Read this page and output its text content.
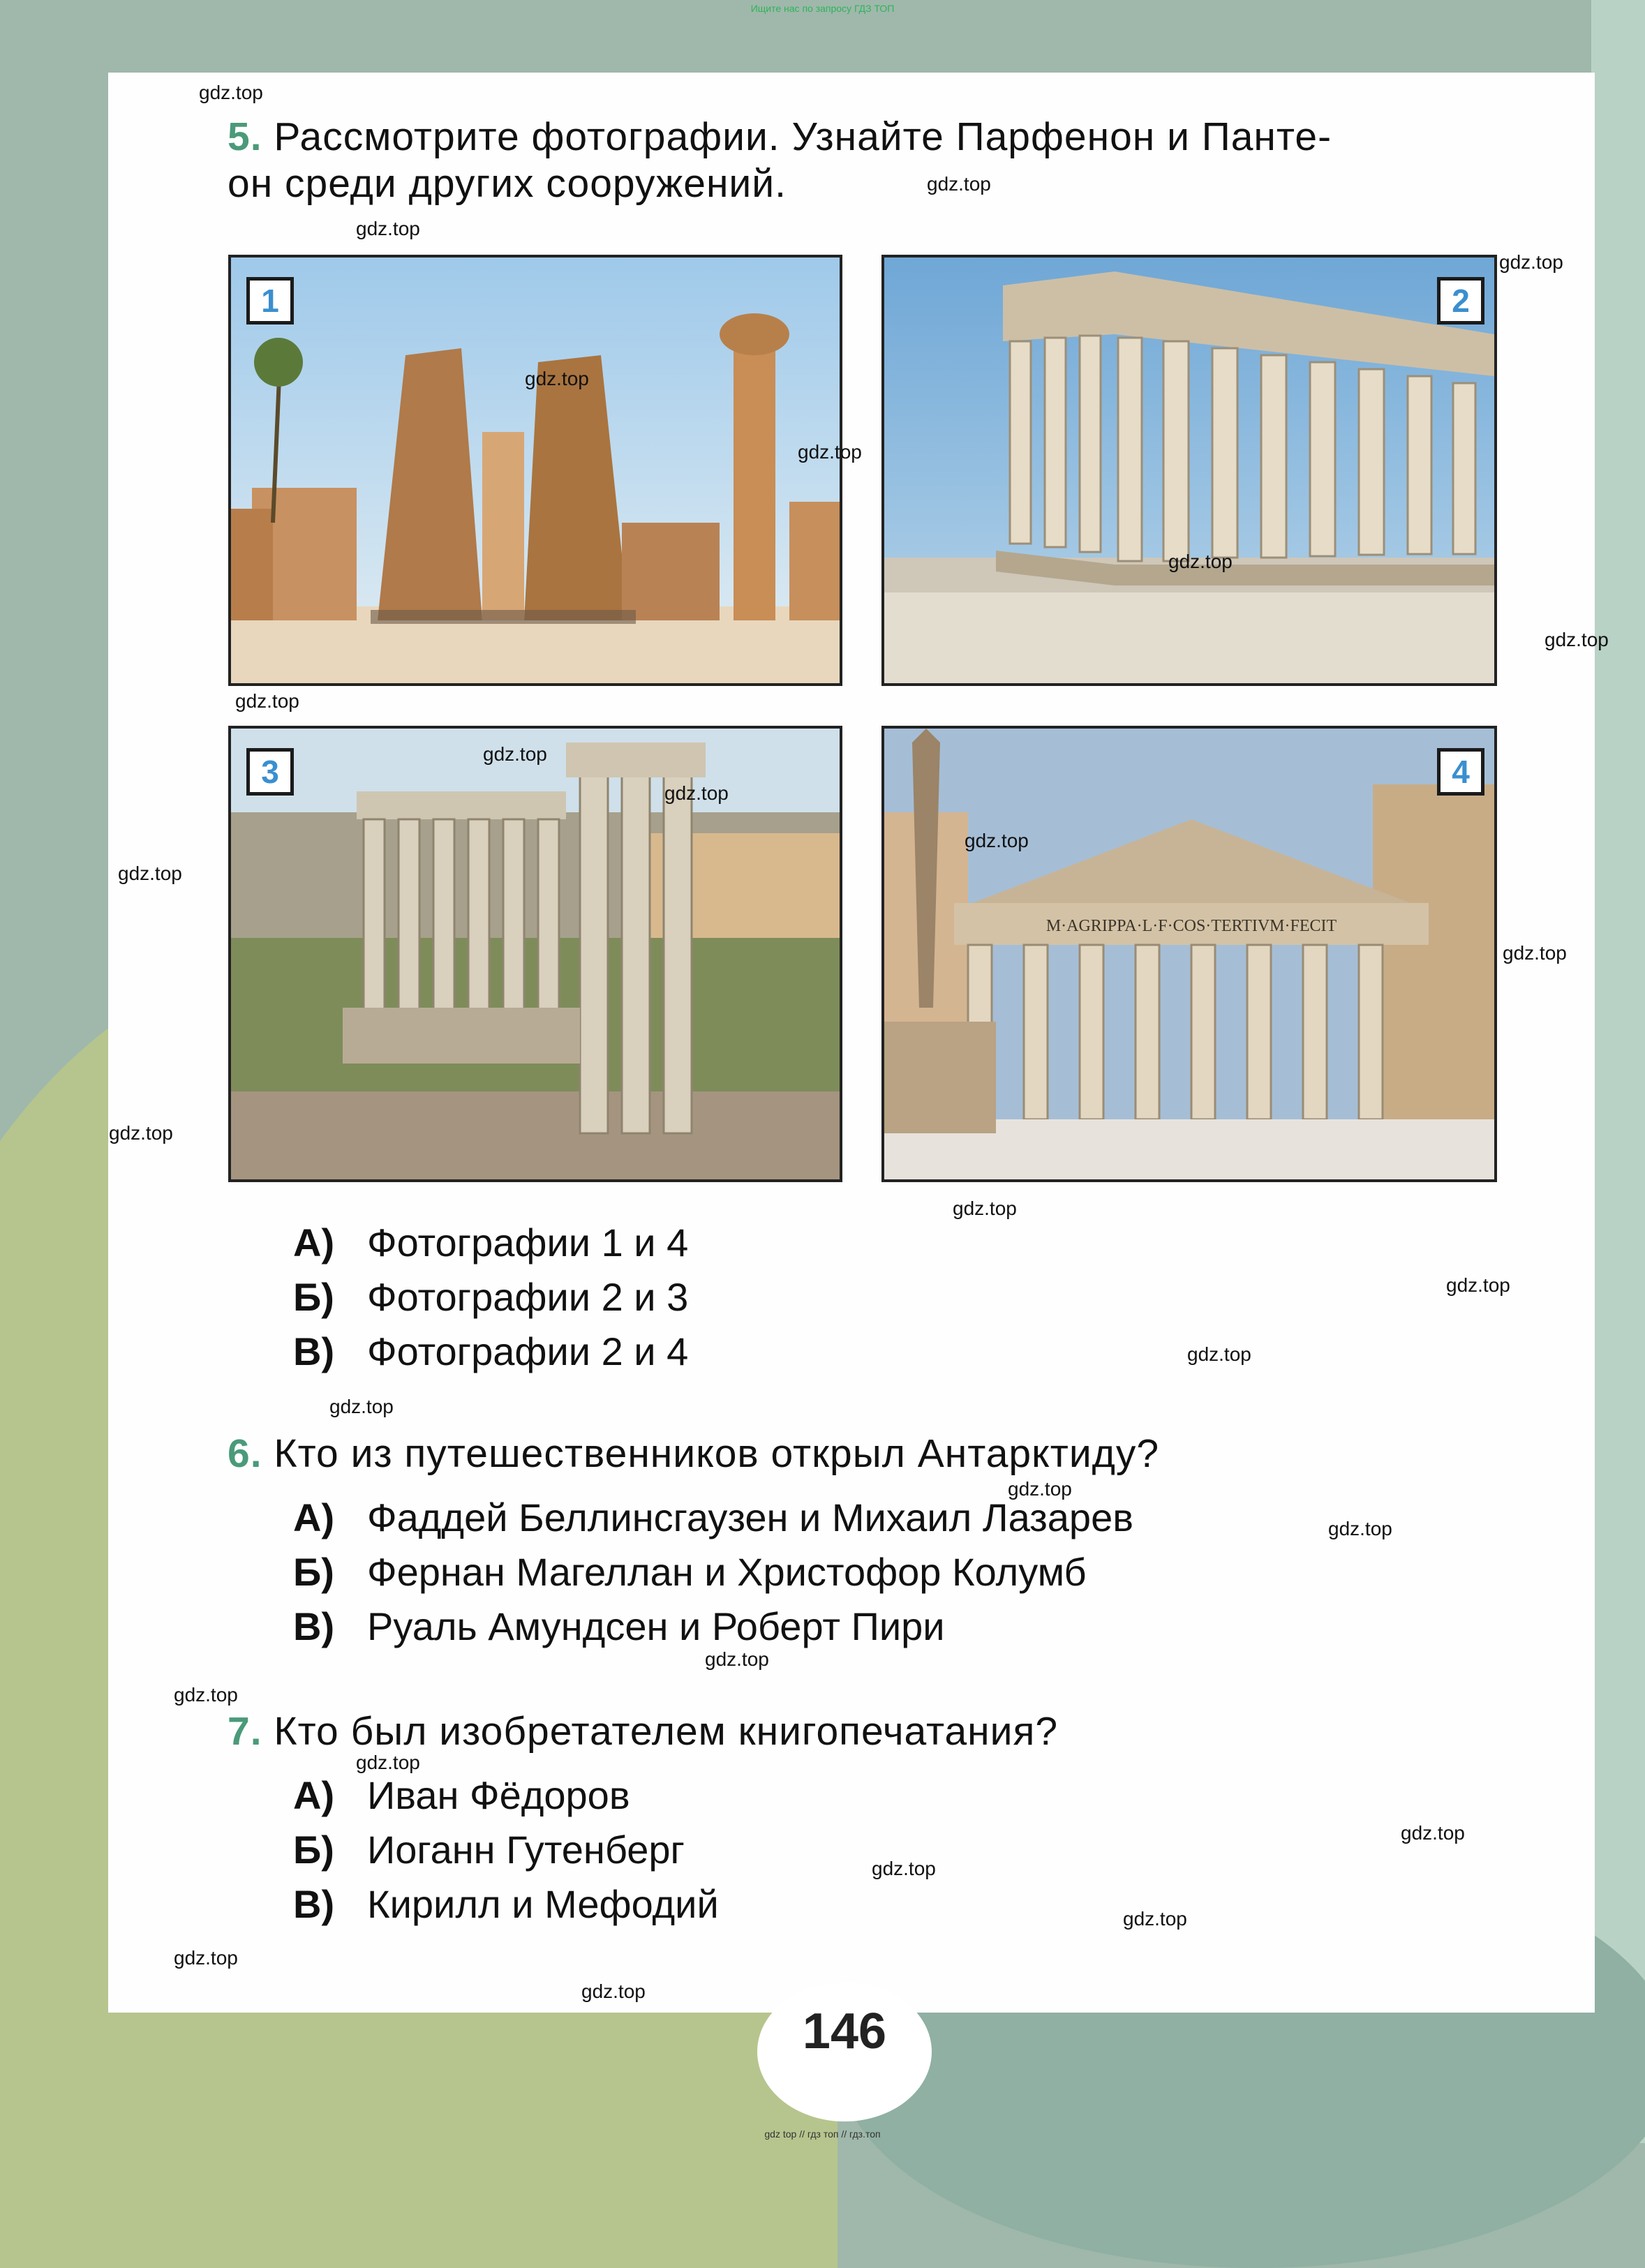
Ищите нас по запросу ГДЗ ТОП
5. Рассмотрите фотографии. Узнайте Парфенон и Панте-
он среди других сооружений.
1	2
3
M·AGRIPPA·L·F·COS·TERTIVM·FECIT
4
А) Фотографии 1 и 4
Б) Фотографии 2 и 3
В) Фотографии 2 и 4
6. Кто из путешественников открыл Антарктиду?
А) Фаддей Беллинсгаузен и Михаил Лазарев
Б) Фернан Магеллан и Христофор Колумб
В) Руаль Амундсен и Роберт Пири
7. Кто был изобретателем книгопечатания?
А) Иван Фёдоров
Б) Иоганн Гутенберг
В) Кирилл и Мефодий
146
gdz.top
gdz.top
gdz.top
gdz.top
gdz.top
gdz.top
gdz.top
gdz.top
gdz.top
gdz.top
gdz.top
gdz.top
gdz.top
gdz.top
gdz.top
gdz.top
gdz.top
gdz.top
gdz.top
gdz.top
gdz.top
gdz.top
gdz.top
gdz.top
gdz.top
gdz.top
gdz.top
gdz.top
gdz.top
gdz top // гдз топ // гдз.топ
